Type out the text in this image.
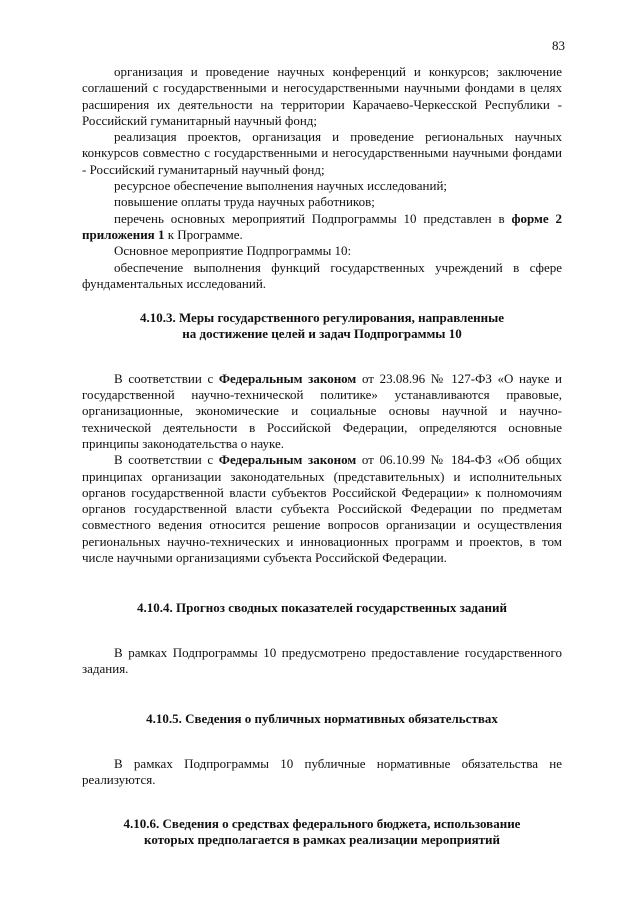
83

организация и проведение научных конференций и конкурсов; заключение соглашений с государственными и негосударственными научными фондами в целях расширения их деятельности на территории Карачаево-Черкесской Республики - Российский гуманитарный научный фонд;

реализация проектов, организация и проведение региональных научных конкурсов совместно с государственными и негосударственными научными фондами - Российский гуманитарный научный фонд;

ресурсное обеспечение выполнения научных исследований;

повышение оплаты труда научных работников;

перечень основных мероприятий Подпрограммы 10 представлен в форме 2 приложения 1 к Программе.

Основное мероприятие Подпрограммы 10:

обеспечение выполнения функций государственных учреждений в сфере фундаментальных исследований.

4.10.3. Меры государственного регулирования, направленные
на достижение целей и задач Подпрограммы 10

В соответствии с Федеральным законом от 23.08.96 № 127-ФЗ «О науке и государственной научно-технической политике» устанавливаются правовые, организационные, экономические и социальные основы научной и научно-технической деятельности в Российской Федерации, определяются основные принципы законодательства о науке.

В соответствии с Федеральным законом от 06.10.99 № 184-ФЗ «Об общих принципах организации законодательных (представительных) и исполнительных органов государственной власти субъектов Российской Федерации» к полномочиям органов государственной власти субъекта Российской Федерации по предметам совместного ведения относится решение вопросов организации и осуществления региональных научно-технических и инновационных программ и проектов, в том числе научными организациями субъекта Российской Федерации.

4.10.4. Прогноз сводных показателей государственных заданий

В рамках Подпрограммы 10 предусмотрено предоставление государственного задания.

4.10.5. Сведения о публичных нормативных обязательствах

В рамках Подпрограммы 10 публичные нормативные обязательства не реализуются.

4.10.6. Сведения о средствах федерального бюджета, использование
которых предполагается в рамках реализации мероприятий
